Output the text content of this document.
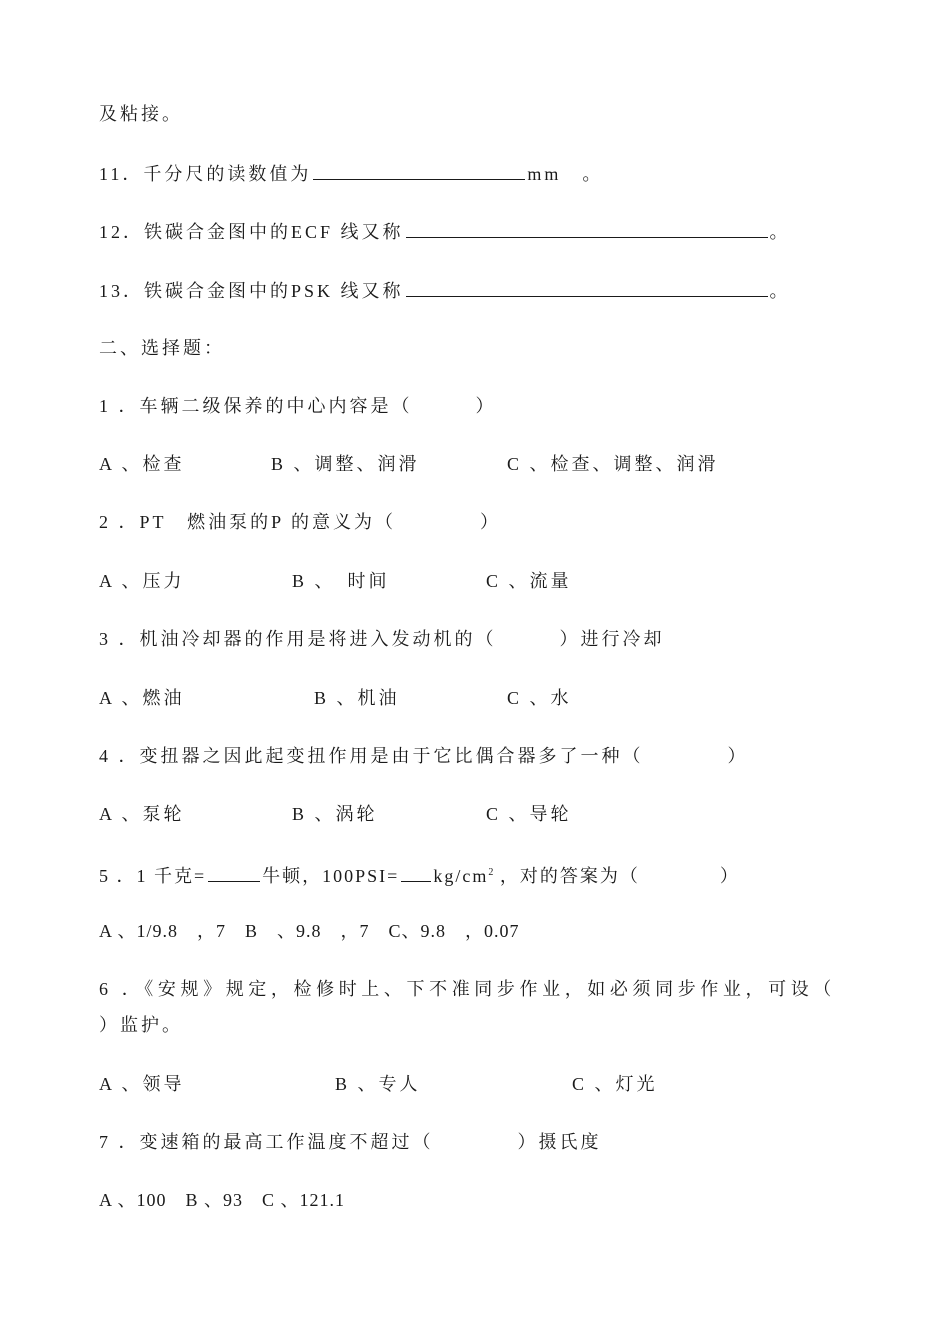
及粘接。
11．千分尺的读数值为	mm　 。
12．铁碳合金图中的ECF 线又称	。
13．铁碳合金图中的PSK 线又称	。
二、选择题：
1 ．车辆二级保养的中心内容是（　　　）
A 、检查	B 、调整、润滑	C 、检查、调整、润滑
2 ．PT　燃油泵的P 的意义为（　　　　）
A 、压力	B 、　时间	C 、流量
3 ．机油冷却器的作用是将进入发动机的（　　　）进行冷却
A 、燃油	B 、机油	C 、水
4 ．变扭器之因此起变扭作用是由于它比偶合器多了一种（　　　　）
A 、泵轮	B 、涡轮	C 、导轮
5 ．1 千克=	牛顿，$100PSI= kg/cm^2$ ，对的答案为（　　　　）
A 、1/9.8　，7　B　、9.8　，7　C、9.8　，0.07
6 ．《安规》规定，检修时上、下不准同步作业，如必须同步作业，可设（
）监护。
A 、领导	B 、专人	C 、灯光
7 ．变速箱的最高工作温度不超过（　　　　）摄氏度
A 、100　B 、93　C 、121.1
